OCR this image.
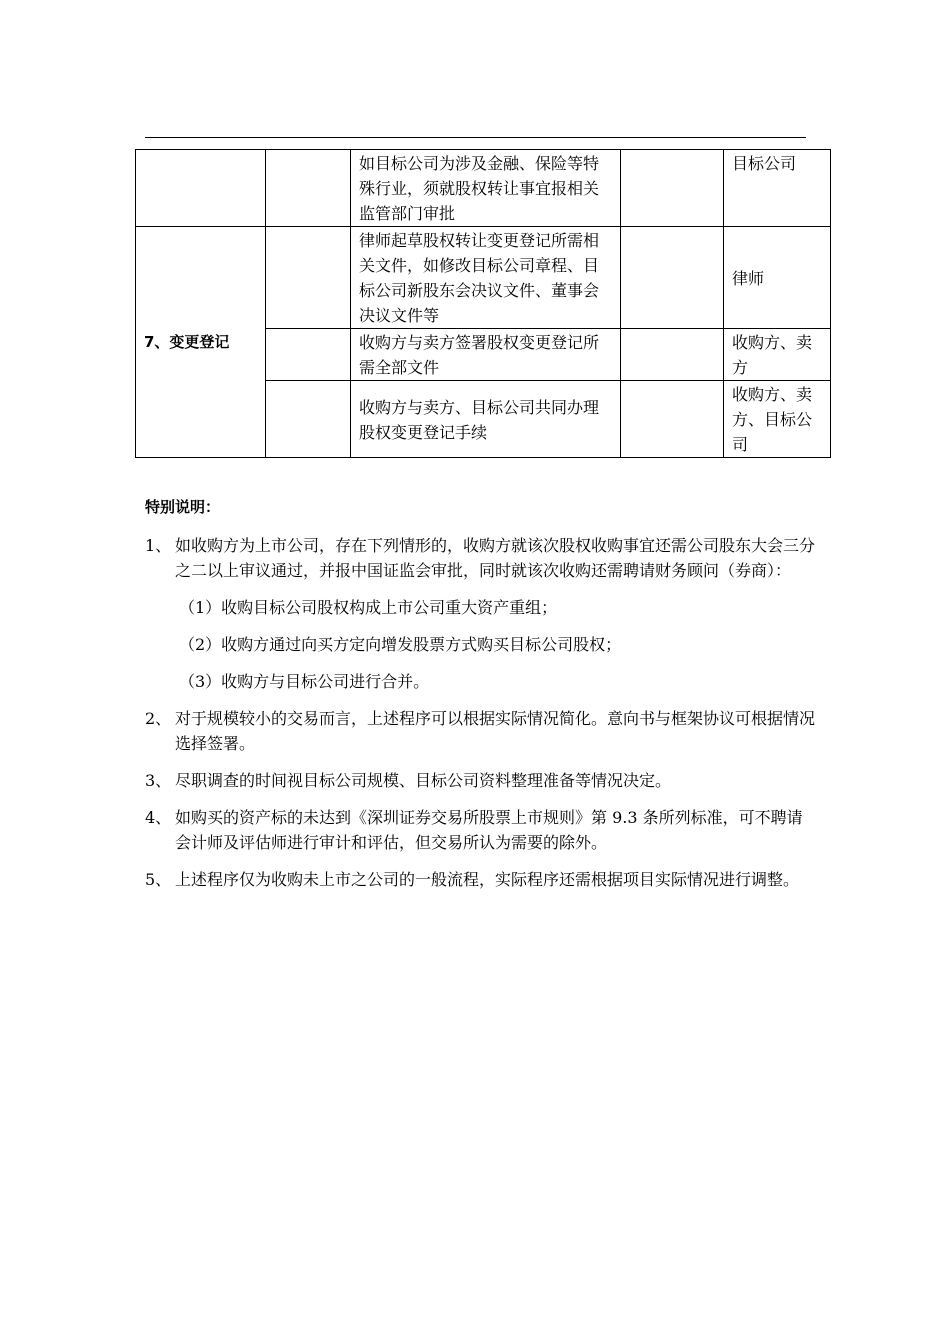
		如目标公司为涉及金融、保险等特殊行业，须就股权转让事宜报相关监管部门审批		目标公司
7、变更登记		律师起草股权转让变更登记所需相关文件，如修改目标公司章程、目标公司新股东会决议文件、董事会决议文件等		律师
		收购方与卖方签署股权变更登记所需全部文件		收购方、卖方
		收购方与卖方、目标公司共同办理股权变更登记手续		收购方、卖方、目标公司
特别说明：
1、 如收购方为上市公司，存在下列情形的，收购方就该次股权收购事宜还需公司股东大会三分之二以上审议通过，并报中国证监会审批，同时就该次收购还需聘请财务顾问（券商）：
（1）收购目标公司股权构成上市公司重大资产重组；
（2）收购方通过向买方定向增发股票方式购买目标公司股权；
（3）收购方与目标公司进行合并。
2、 对于规模较小的交易而言，上述程序可以根据实际情况简化。意向书与框架协议可根据情况选择签署。
3、 尽职调查的时间视目标公司规模、目标公司资料整理准备等情况决定。
4、 如购买的资产标的未达到《深圳证券交易所股票上市规则》第 9.3 条所列标准，可不聘请会计师及评估师进行审计和评估，但交易所认为需要的除外。
5、 上述程序仅为收购未上市之公司的一般流程，实际程序还需根据项目实际情况进行调整。
